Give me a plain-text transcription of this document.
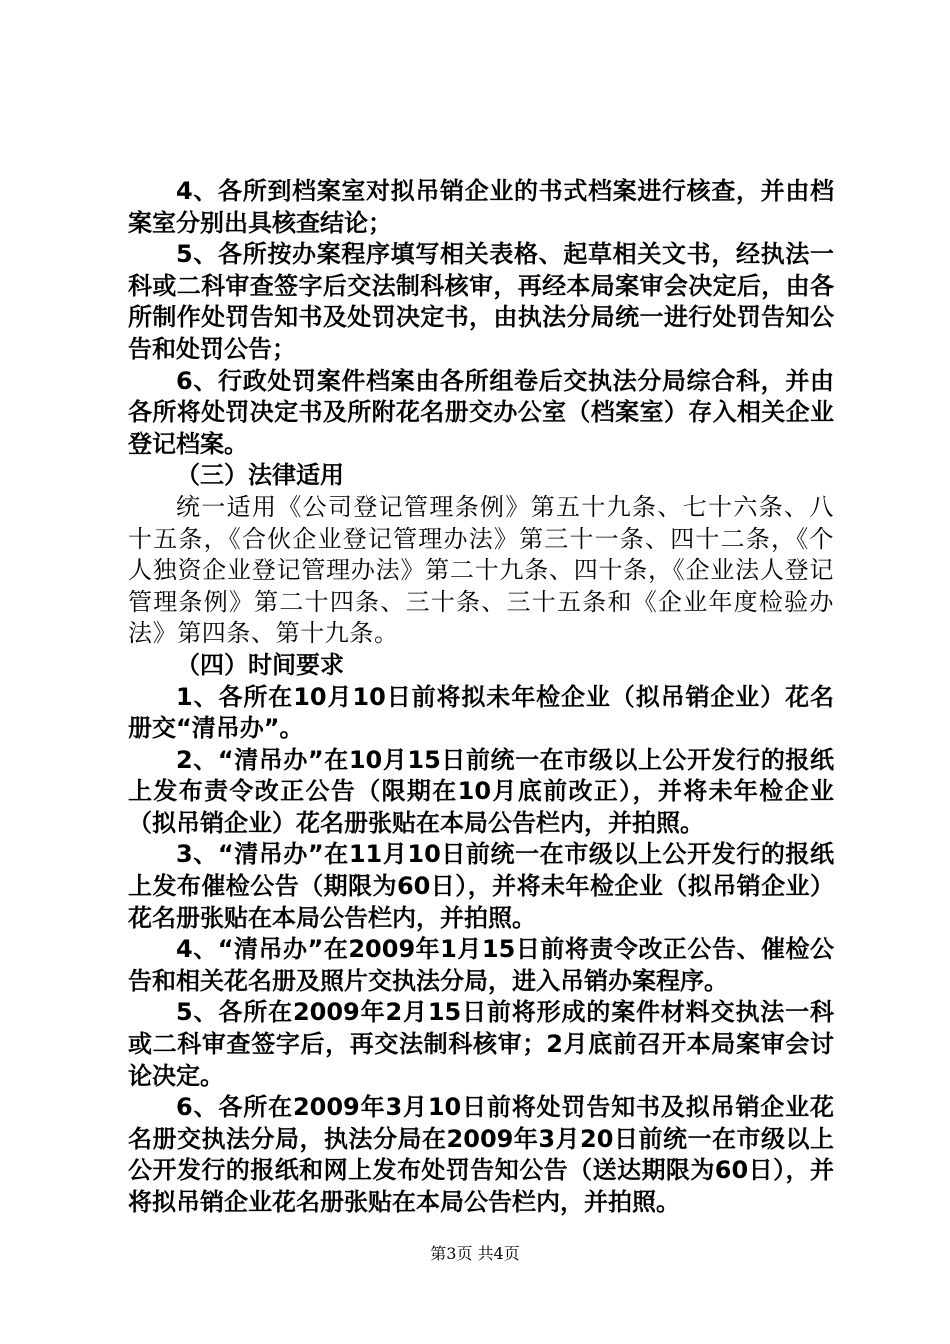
4、各所到档案室对拟吊销企业的书式档案进行核查，并由档案室分别出具核查结论；

5、各所按办案程序填写相关表格、起草相关文书，经执法一科或二科审查签字后交法制科核审，再经本局案审会决定后，由各所制作处罚告知书及处罚决定书，由执法分局统一进行处罚告知公告和处罚公告；

6、行政处罚案件档案由各所组卷后交执法分局综合科，并由各所将处罚决定书及所附花名册交办公室（档案室）存入相关企业登记档案。

（三）法律适用

统一适用《公司登记管理条例》第五十九条、七十六条、八十五条，《合伙企业登记管理办法》第三十一条、四十二条，《个人独资企业登记管理办法》第二十九条、四十条，《企业法人登记管理条例》第二十四条、三十条、三十五条和《企业年度检验办法》第四条、第十九条。

（四）时间要求

1、各所在10月10日前将拟未年检企业（拟吊销企业）花名册交“清吊办”。

2、“清吊办”在10月15日前统一在市级以上公开发行的报纸上发布责令改正公告（限期在10月底前改正），并将未年检企业（拟吊销企业）花名册张贴在本局公告栏内，并拍照。

3、“清吊办”在11月10日前统一在市级以上公开发行的报纸上发布催检公告（期限为60日），并将未年检企业（拟吊销企业）花名册张贴在本局公告栏内，并拍照。

4、“清吊办”在2009年1月15日前将责令改正公告、催检公告和相关花名册及照片交执法分局，进入吊销办案程序。

5、各所在2009年2月15日前将形成的案件材料交执法一科或二科审查签字后，再交法制科核审；2月底前召开本局案审会讨论决定。

6、各所在2009年3月10日前将处罚告知书及拟吊销企业花名册交执法分局，执法分局在2009年3月20日前统一在市级以上公开发行的报纸和网上发布处罚告知公告（送达期限为60日），并将拟吊销企业花名册张贴在本局公告栏内，并拍照。

第3页 共4页
